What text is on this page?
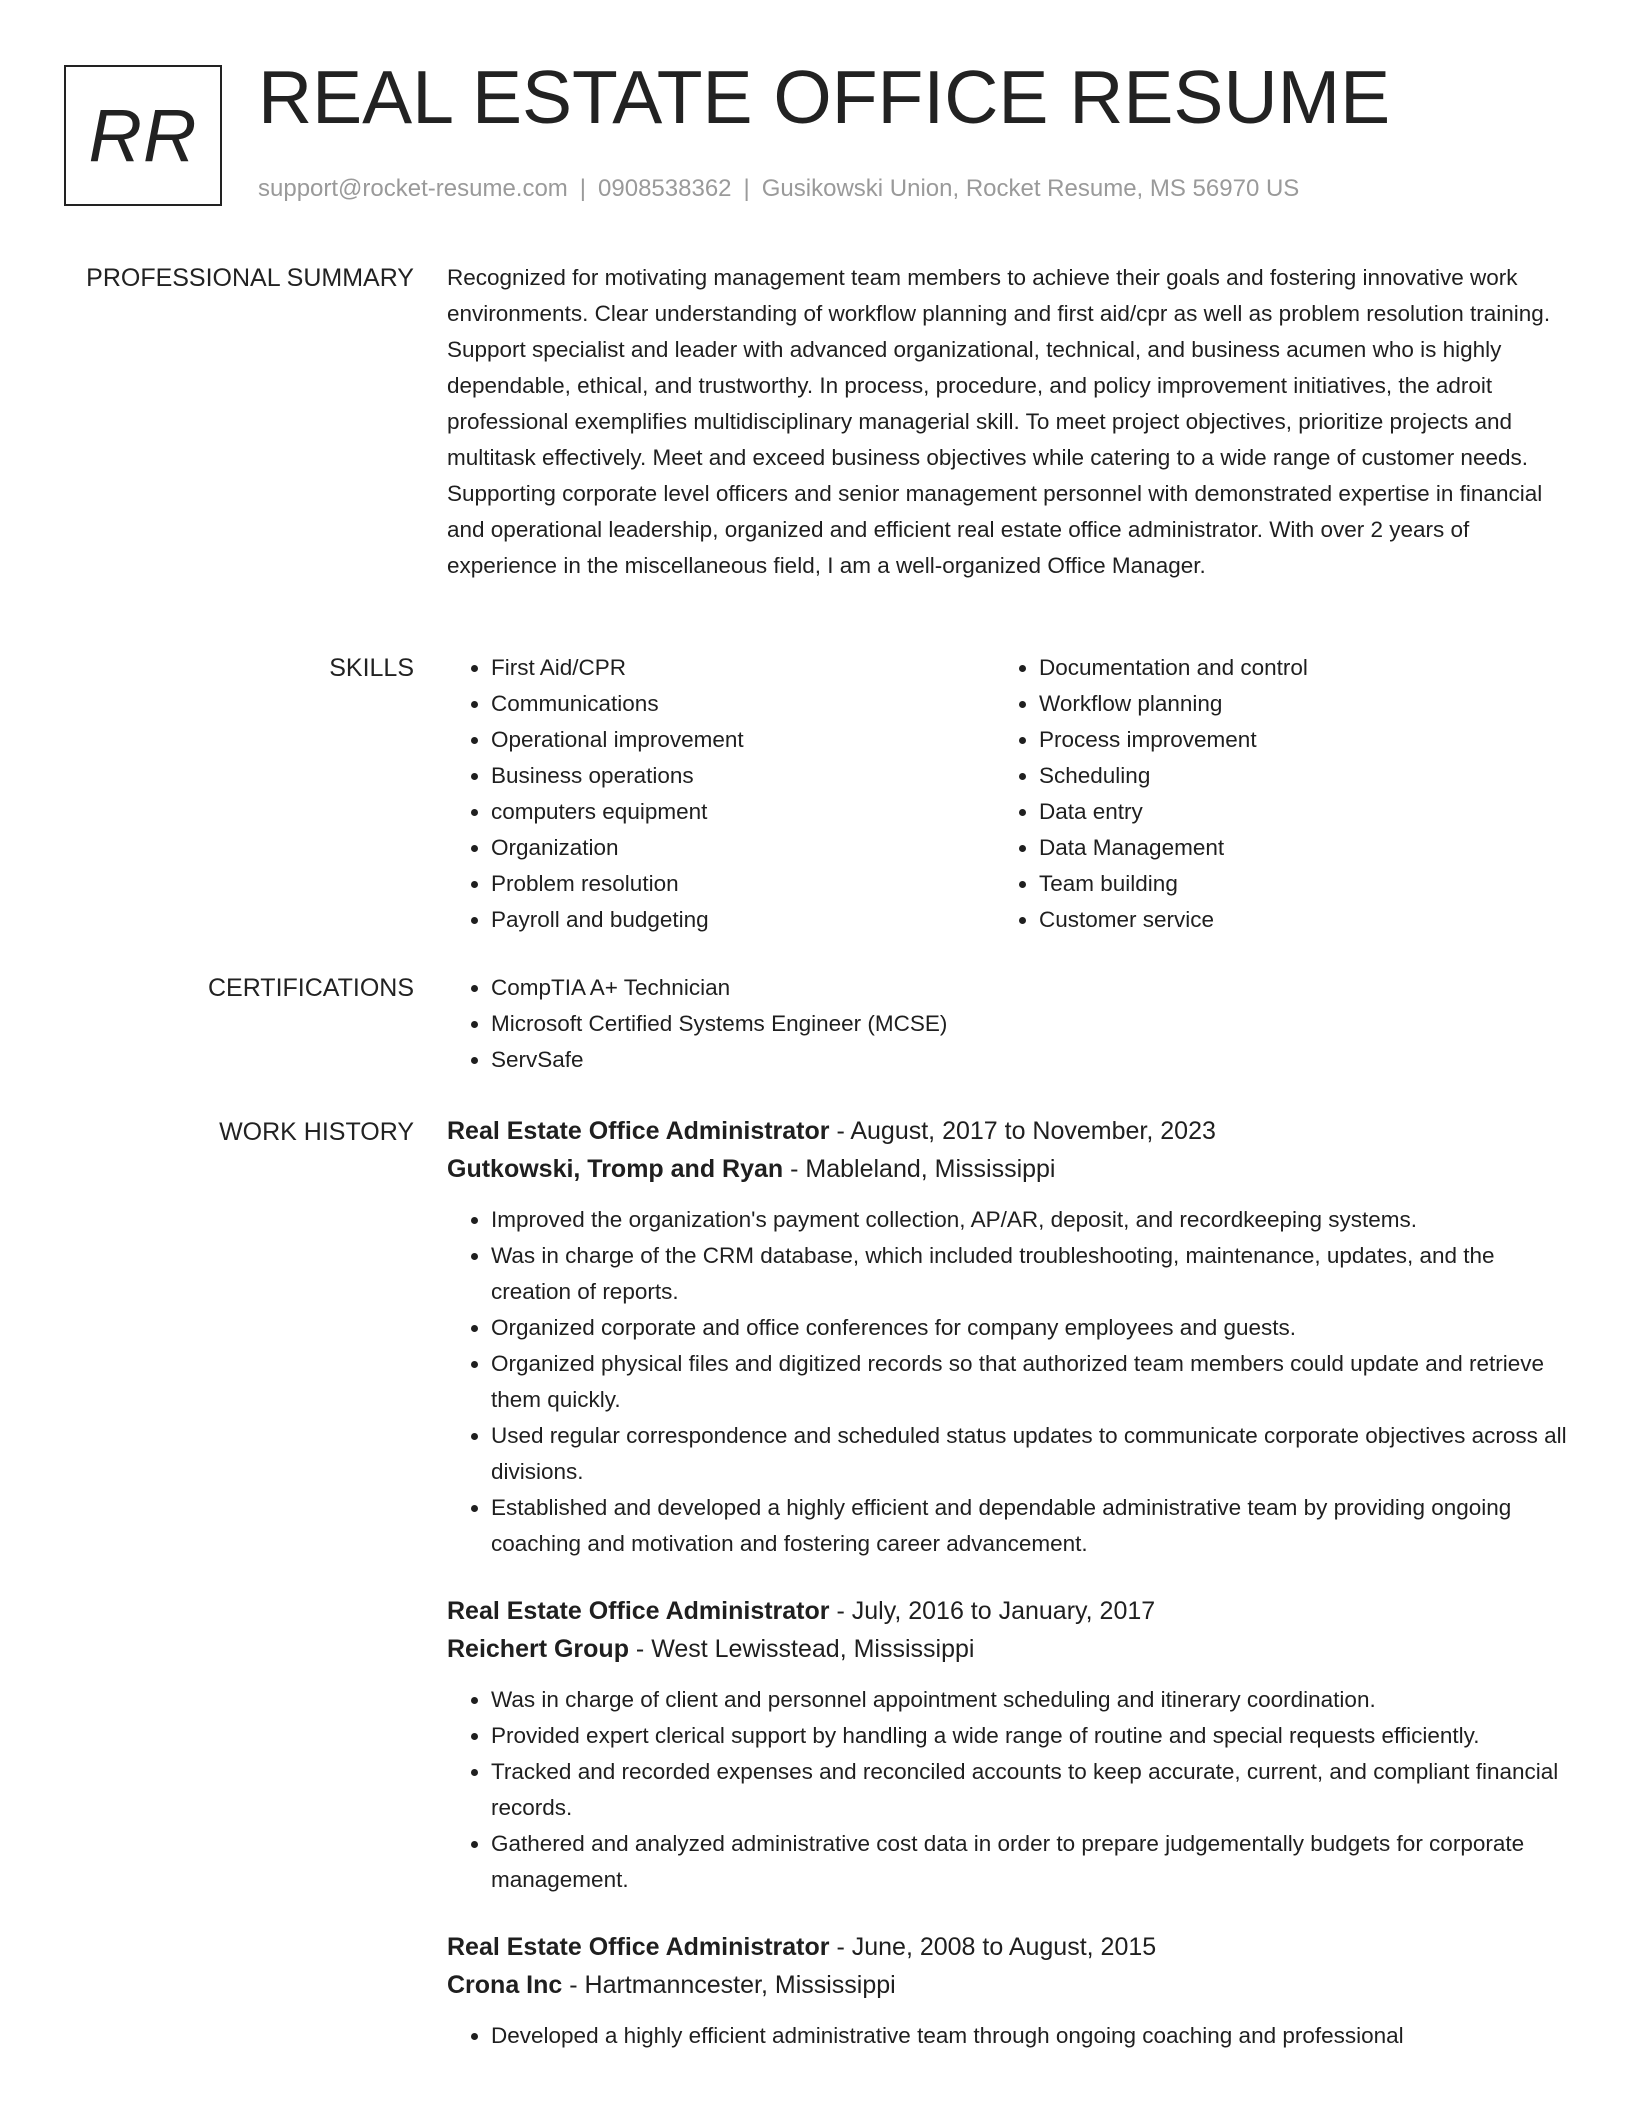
RR REAL ESTATE OFFICE RESUME
support@rocket-resume.com | 0908538362 | Gusikowski Union, Rocket Resume, MS 56970 US
PROFESSIONAL SUMMARY Recognized for motivating management team members to achieve their goals and fostering innovative work environments. Clear understanding of workflow planning and first aid/cpr as well as problem resolution training. Support specialist and leader with advanced organizational, technical, and business acumen who is highly dependable, ethical, and trustworthy. In process, procedure, and policy improvement initiatives, the adroit professional exemplifies multidisciplinary managerial skill. To meet project objectives, prioritize projects and multitask effectively. Meet and exceed business objectives while catering to a wide range of customer needs. Supporting corporate level officers and senior management personnel with demonstrated expertise in financial and operational leadership, organized and efficient real estate office administrator. With over 2 years of experience in the miscellaneous field, I am a well-organized Office Manager.

SKILLS	• First Aid/CPR
• Communications
• Operational improvement
• Business operations
• computers equipment
• Organization
• Problem resolution
• Payroll and budgeting
• Documentation and control
• Workflow planning
• Process improvement
• Scheduling
• Data entry
• Data Management
• Team building
• Customer service
CERTIFICATIONS	• CompTIA A+ Technician
• Microsoft Certified Systems Engineer (MCSE)
• ServSafe
WORK HISTORY Real Estate Office Administrator - August, 2017 to November, 2023
Gutkowski, Tromp and Ryan - Mableland, Mississippi
• Improved the organization's payment collection, AP/AR, deposit, and recordkeeping systems.
• Was in charge of the CRM database, which included troubleshooting, maintenance, updates, and the creation of reports.
• Organized corporate and office conferences for company employees and guests.
• Organized physical files and digitized records so that authorized team members could update and retrieve them quickly.
• Used regular correspondence and scheduled status updates to communicate corporate objectives across all divisions.
• Established and developed a highly efficient and dependable administrative team by providing ongoing coaching and motivation and fostering career advancement.
Real Estate Office Administrator - July, 2016 to January, 2017
Reichert Group - West Lewisstead, Mississippi
• Was in charge of client and personnel appointment scheduling and itinerary coordination.
• Provided expert clerical support by handling a wide range of routine and special requests efficiently.
• Tracked and recorded expenses and reconciled accounts to keep accurate, current, and compliant financial records.
• Gathered and analyzed administrative cost data in order to prepare judgementally budgets for corporate management.
Real Estate Office Administrator - June, 2008 to August, 2015
Crona Inc - Hartmanncester, Mississippi
• Developed a highly efficient administrative team through ongoing coaching and professional
